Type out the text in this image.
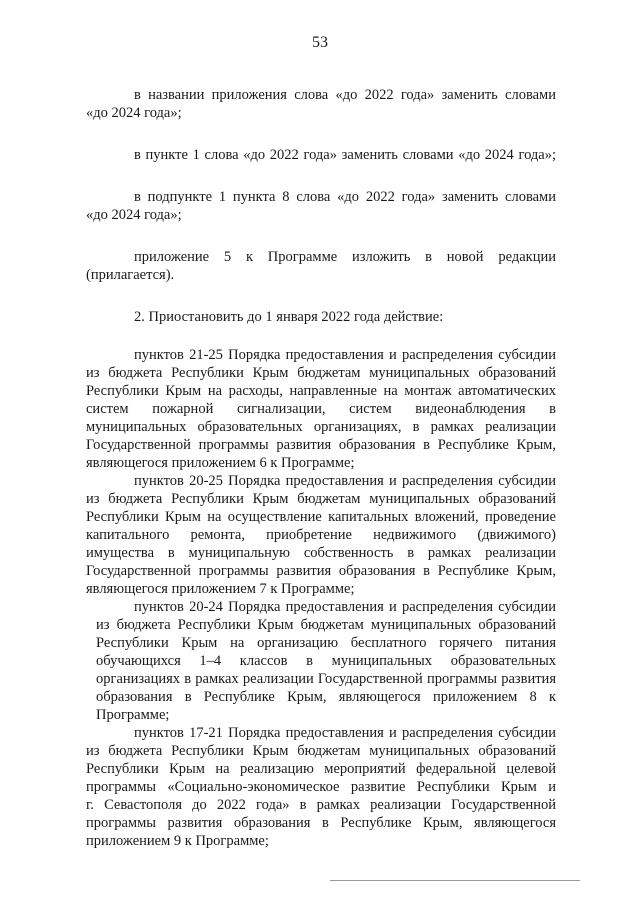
53

в названии приложения слова «до 2022 года» заменить словами
«до 2024 года»;

в пункте 1 слова «до 2022 года» заменить словами «до 2024 года»;

в подпункте 1 пункта 8 слова «до 2022 года» заменить словами
«до 2024 года»;

приложение 5 к Программе изложить в новой редакции
(прилагается).

2. Приостановить до 1 января 2022 года действие:

пунктов 21-25 Порядка предоставления и распределения субсидии
из бюджета Республики Крым бюджетам муниципальных образований
Республики Крым на расходы, направленные на монтаж автоматических
систем пожарной сигнализации, систем видеонаблюдения в
муниципальных образовательных организациях, в рамках реализации
Государственной программы развития образования в Республике Крым,
являющегося приложением 6 к Программе;

пунктов 20-25 Порядка предоставления и распределения субсидии
из бюджета Республики Крым бюджетам муниципальных образований
Республики Крым на осуществление капитальных вложений, проведение
капитального ремонта, приобретение недвижимого (движимого)
имущества в муниципальную собственность в рамках реализации
Государственной программы развития образования в Республике Крым,
являющегося приложением 7 к Программе;

пунктов 20-24 Порядка предоставления и распределения субсидии
из бюджета Республики Крым бюджетам муниципальных образований
Республики Крым на организацию бесплатного горячего питания
обучающихся 1–4 классов в муниципальных образовательных
организациях в рамках реализации Государственной программы развития
образования в Республике Крым, являющегося приложением 8 к
Программе;

пунктов 17-21 Порядка предоставления и распределения субсидии
из бюджета Республики Крым бюджетам муниципальных образований
Республики Крым на реализацию мероприятий федеральной целевой
программы «Социально-экономическое развитие Республики Крым и
г. Севастополя до 2022 года» в рамках реализации Государственной
программы развития образования в Республике Крым, являющегося
приложением 9 к Программе;
